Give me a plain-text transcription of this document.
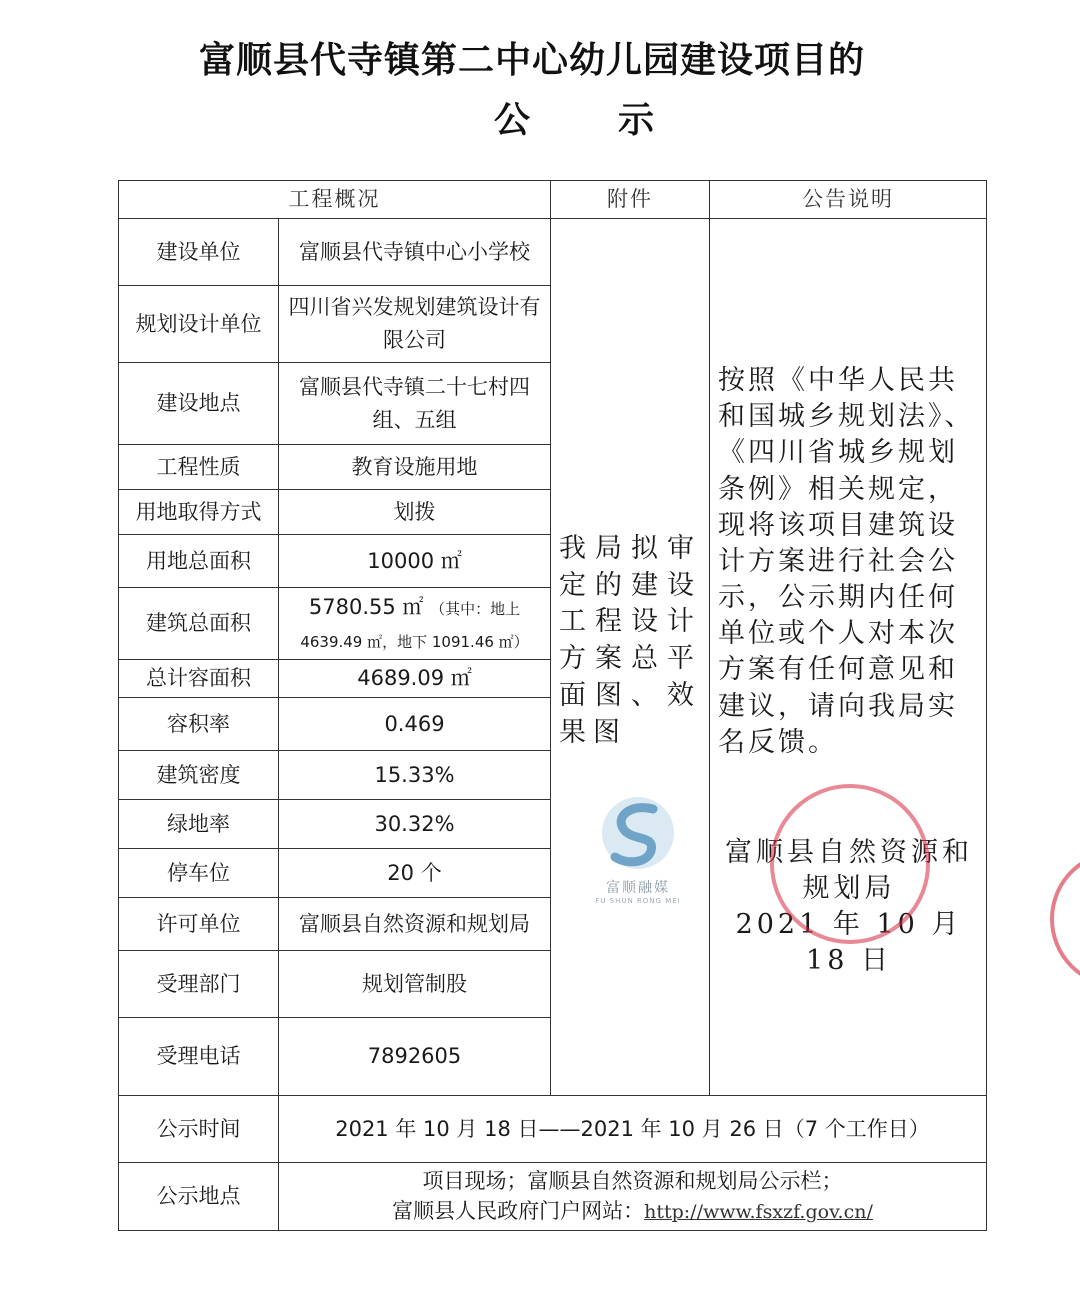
富顺县代寺镇第二中心幼儿园建设项目的
公示
工程概况		附件	公告说明
建设单位	富顺县代寺镇中心小学校	我局拟审定的建设工程设计方案总平面图、效果图	按照《中华人民共和国城乡规划法》、《四川省城乡规划条例》相关规定，现将该项目建筑设计方案进行社会公示，公示期内任何单位或个人对本次方案有任何意见和建议，请向我局实名反馈。
富顺县自然资源和规划局
2021 年 10 月 18 日

规划设计单位	四川省兴发规划建筑设计有限公司		
建设地点	富顺县代寺镇二十七村四组、五组		
工程性质	教育设施用地		
用地取得方式	划拨		
用地总面积	10000 ㎡		
建筑总面积	5780.55 ㎡ （其中：地上4639.49 ㎡，地下 1091.46 ㎡）		
总计容面积	4689.09 ㎡		
容积率	0.469		
建筑密度	15.33%		
绿地率	30.32%		
停车位	20 个		
许可单位	富顺县自然资源和规划局		
受理部门	规划管制股		
受理电话	7892605		
公示时间	2021 年 10 月 18 日——2021 年 10 月 26 日（7 个工作日）		
公示地点	项目现场；富顺县自然资源和规划局公示栏；
富顺县人民政府门户网站：http://www.fsxzf.gov.cn/		
富顺融媒
FU SHUN RONG MEI
